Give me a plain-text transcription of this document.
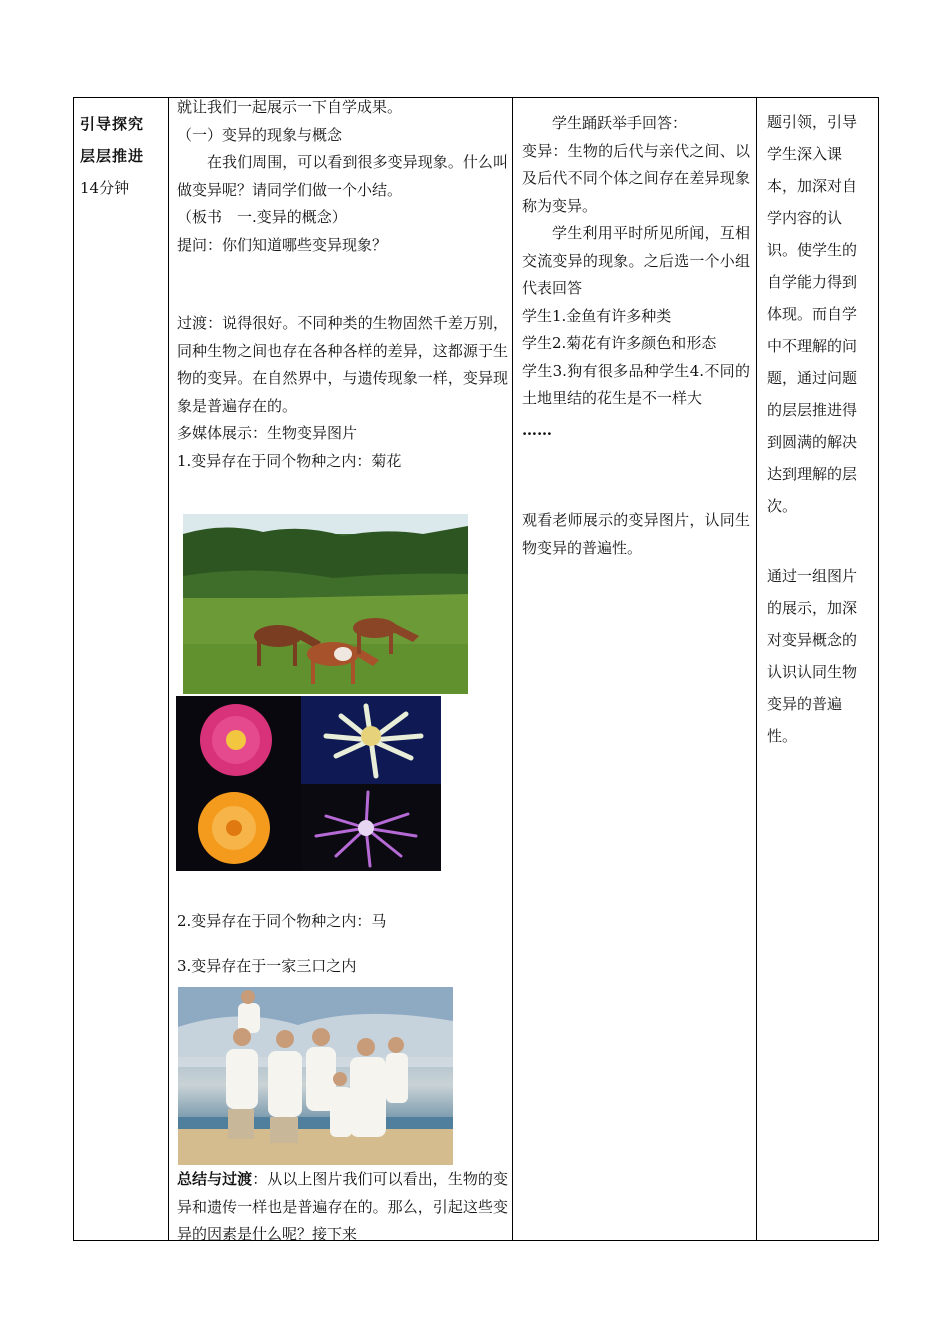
引导探究
层层推进
14分钟

就让我们一起展示一下自学成果。

（一）变异的现象与概念

在我们周围，可以看到很多变异现象。什么叫做变异呢？请同学们做一个小结。

（板书　一.变异的概念）

提问：你们知道哪些变异现象？

过渡：说得很好。不同种类的生物固然千差万别，同种生物之间也存在各种各样的差异，这都源于生物的变异。在自然界中，与遗传现象一样，变异现象是普遍存在的。

多媒体展示：生物变异图片

1.变异存在于同个物种之内：菊花

2.变异存在于同个物种之内：马

3.变异存在于一家三口之内

总结与过渡：从以上图片我们可以看出，生物的变异和遗传一样也是普遍存在的。那么，引起这些变异的因素是什么呢？接下来

学生踊跃举手回答：

变异：生物的后代与亲代之间、以及后代不同个体之间存在差异现象称为变异。

学生利用平时所见所闻，互相交流变异的现象。之后选一个小组代表回答

学生1.金鱼有许多种类

学生2.菊花有许多颜色和形态

学生3.狗有很多品种学生4.不同的土地里结的花生是不一样大

……

观看老师展示的变异图片，认同生物变异的普遍性。

题引领，引导学生深入课本，加深对自学内容的认识。使学生的自学能力得到体现。而自学中不理解的问题，通过问题的层层推进得到圆满的解决达到理解的层次。

通过一组图片的展示，加深对变异概念的认识认同生物变异的普遍性。
